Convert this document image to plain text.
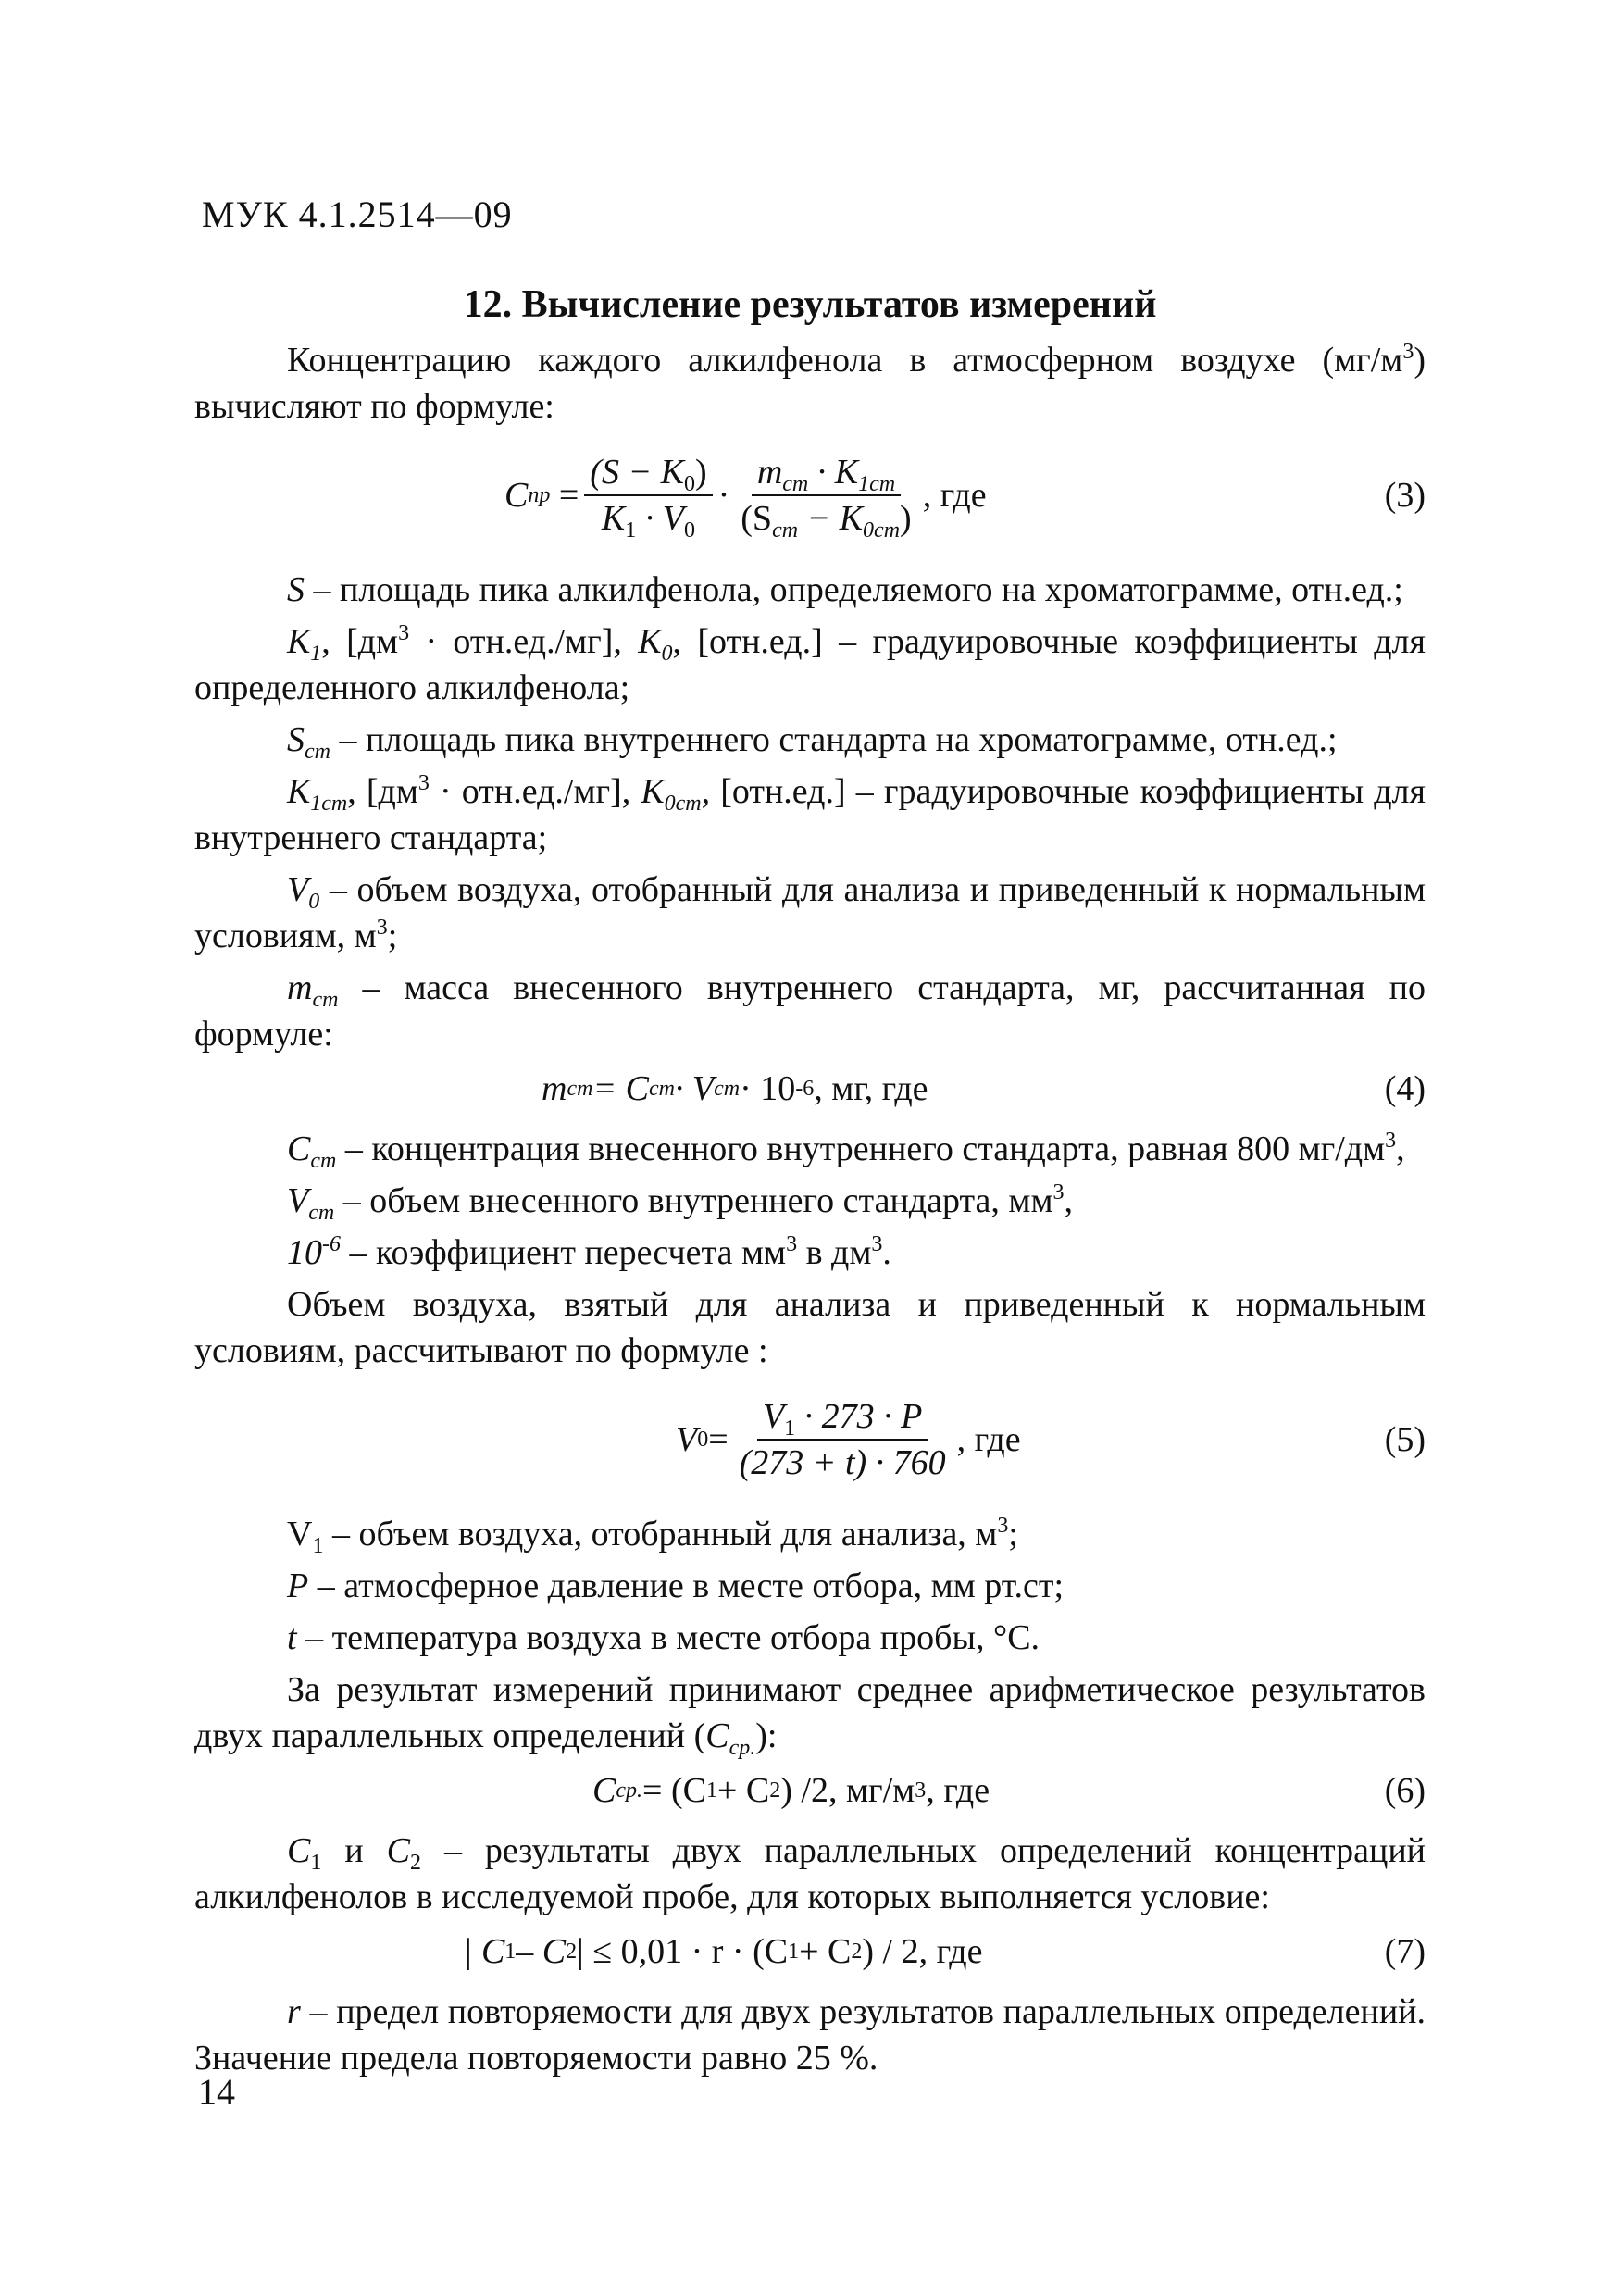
МУК 4.1.2514—09
12. Вычисление результатов измерений

Концентрацию каждого алкилфенола в атмосферном воздухе $(мг/м^3)$ вычисляют по формуле:

С пр = $\frac{(S - K_0)}{K_1 \cdot V_0} \cdot \frac{m_{ст} \cdot K_{1ст}}{(S_{ст} - K_{0ст})}$ , где	(3)

S – площадь пика алкилфенола, определяемого на хроматограмме, отн.ед.;

$К_1$, $[дм^3 \cdot отн.ед./мг]$, $К_0$, [отн.ед.] – градуировочные коэффициенты для определенного алкилфенола;

$S_{ст}$ – площадь пика внутреннего стандарта на хроматограмме, отн.ед.;

$К_{1ст}$, $[дм^3 \cdot отн.ед./мг]$, $К_{0ст}$, [отн.ед.] – градуировочные коэффициенты для внутреннего стандарта;

$V_0$ – объем воздуха, отобранный для анализа и приведенный к нормальным условиям, $м^3$;

$m_{ст}$ – масса внесенного внутреннего стандарта, мг, рассчитанная по формуле:

m ст = С ст · V ст · 10 -6 , мг, где	(4)

$С_{ст}$ – концентрация внесенного внутреннего стандарта, равная 800 $мг/дм^3$,

$V_{ст}$ – объем внесенного внутреннего стандарта, $мм^3$,

$10^{-6}$ – коэффициент пересчета $мм^3$ в $дм^3$.

Объем воздуха, взятый для анализа и приведенный к нормальным условиям, рассчитывают по формуле :

V $0 = \frac{V_1 \cdot 273 \cdot P}{(273 + t) \cdot 760}$ , где	(5)

$V_1$ – объем воздуха, отобранный для анализа, $м^3$;

P – атмосферное давление в месте отбора, мм рт.ст;

t – температура воздуха в месте отбора пробы, °С.

За результат измерений принимают среднее арифметическое результатов двух параллельных определений $(С_{ср.})$:

С ср. = (C 1 + C 2 ) /2, мг/м 3 , где	(6)

$C_1$ и $C_2$ – результаты двух параллельных определений концентраций алкилфенолов в исследуемой пробе, для которых выполняется условие:

| C 1 – C 2 | ≤ 0,01 · r · (C 1 + C 2 ) / 2, где	(7)

r – предел повторяемости для двух результатов параллельных определений. Значение предела повторяемости равно 25 %.

14
